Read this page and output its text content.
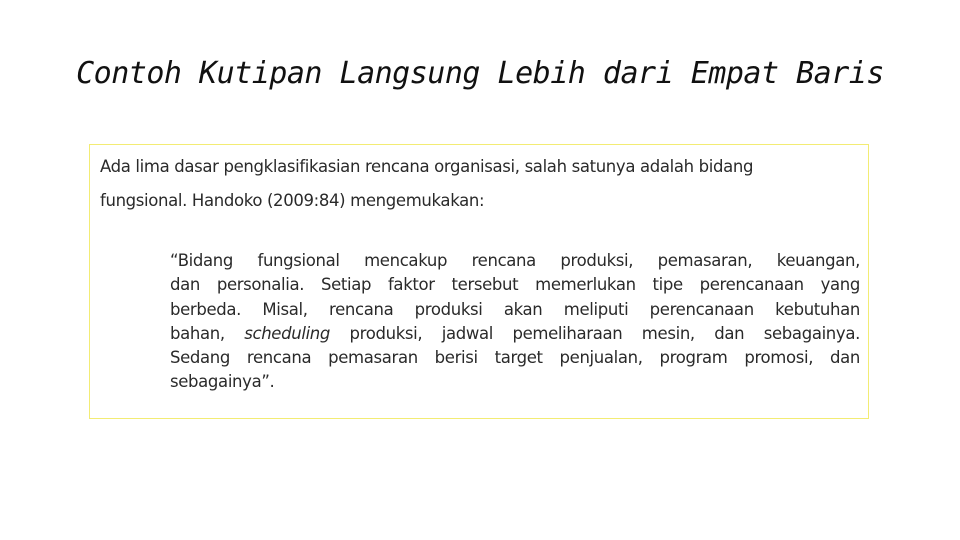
Contoh Kutipan Langsung Lebih dari Empat Baris
Ada lima dasar pengklasifikasian rencana organisasi, salah satunya adalah bidang
fungsional. Handoko (2009:84) mengemukakan:
“Bidang fungsional mencakup rencana produksi, pemasaran, keuangan,
dan personalia. Setiap faktor tersebut memerlukan tipe perencanaan yang
berbeda. Misal, rencana produksi akan meliputi perencanaan kebutuhan
bahan, scheduling produksi, jadwal pemeliharaan mesin, dan sebagainya.
Sedang rencana pemasaran berisi target penjualan, program promosi, dan
sebagainya”.
